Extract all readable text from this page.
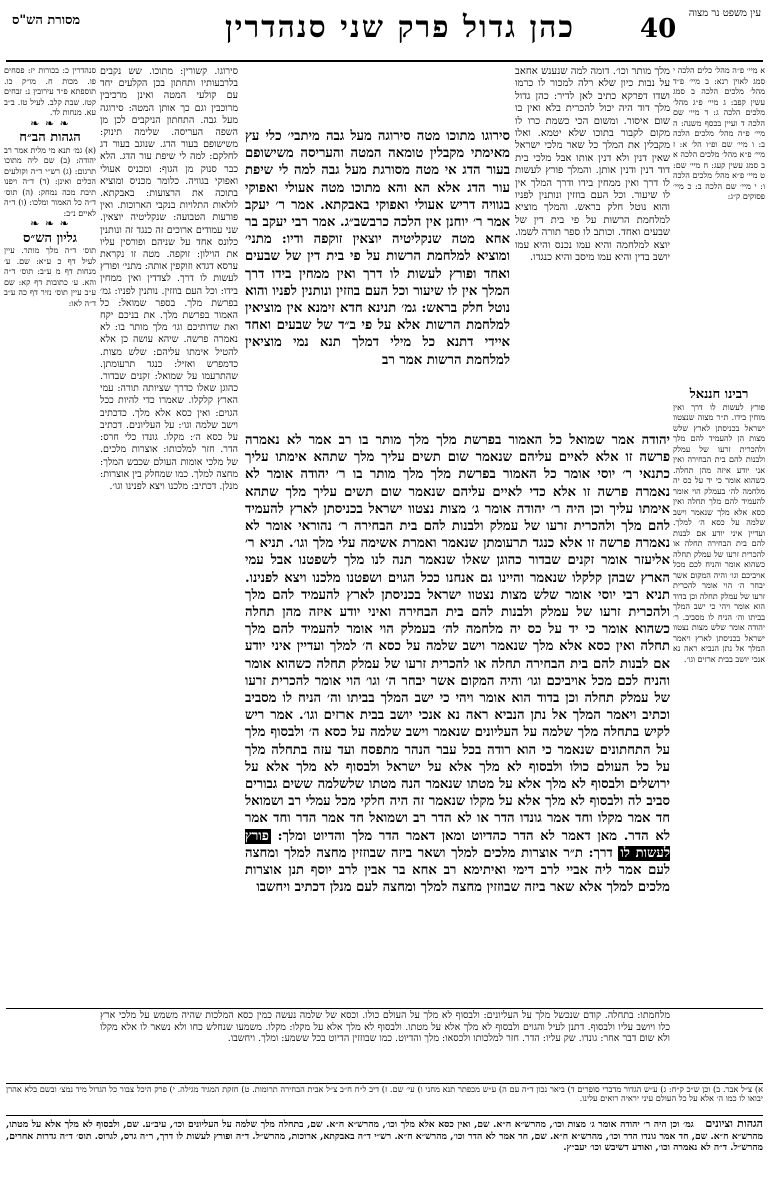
מסורת הש"ס	כהן גדול פרק שני סנהדרין	40
עין משפט נר מצוה
א מיי׳ פ״ה מהל׳ כלים הלכה י סמג לאוין רנא: ב מיי׳ פ״ד מהל׳ מלכים הלכה ב סמג עשין קפב: ג מיי׳ פ״ג מהל׳ מלכים הלכה ג: ד מיי׳ שם הלכה ד ועיין בכסף משנה: ה מיי׳ פ״ה מהל׳ מלכים הלכה ב: ו מיי׳ שם ופ״ו הל׳ א: ז מיי׳ פ״א מהל׳ מלכים הלכה א ב סמג עשין קעג: ח מיי׳ שם: ט מיי׳ פ״א מהל׳ מלכים הלכה ו: י מיי׳ שם הלכה ב: כ מיי׳ פסוקים ק״ג:
רבינו חננאל
פורץ לעשות לו דרך ואין מוחין בידו. ת״ר מצוה שנצטוו ישראל בכניסתן לארץ שלש מצות הן להעמיד להם מלך ולהכרית זרעו של עמלק ולבנות להם בית הבחירה ואין אני יודע איזה מהן תחלה. כשהוא אומר כי יד על כס יה מלחמה לה׳ בעמלק הוי אומר להעמיד להם מלך תחלה ואין כסא אלא מלך שנאמר וישב שלמה על כסא ה׳ למלך. ועדיין איני יודע אם לבנות להם בית הבחירה תחלה או להכרית זרעו של עמלק תחלה כשהוא אומר והניח לכם מכל אויביכם וגו׳ והיה המקום אשר יבחר ה׳ הוי אומר להכרית זרעו של עמלק תחלה וכן בדוד הוא אומר ויהי כי ישב המלך בביתו וה׳ הניח לו מסביב. ר׳ יהודה אומר שלש מצות נצטוו ישראל בכניסתן לארץ ויאמר המלך אל נתן הנביא ראה נא אנכי יושב בבית ארזים וגו׳.
מלך מותר וכו׳. דומה למה שנענש אחאב על נבות כיון שלא רלה למכור לו כרמו ושדו דפרקא כתיב לאן לדיר: כהן גדול מלך דוד היה יכול להכרית בלא ואין בו שום איסור. ומשום הכי כשמת כרו לו מקום לקבור בתוכו שלא יטמא. ואלו מקבלין את המלך כל שאר מלכי ישראל שאין דנין ולא דנין אותו אבל מלכי בית דוד דנין ודנין אותן. והמלך פורץ לעשות לו דרך ואין ממחין בידו ודרך המלך אין לו שיעור. וכל העם בוזזין ונותנין לפניו והוא נוטל חלק בראש. והמלך מוציא למלחמת הרשות על פי בית דין של שבעים ואחד. וכותב לו ספר תורה לשמו. יוצא למלחמה והיא עמו נכנס והיא עמו יושב בדין והיא עמו מיסב והיא כנגדו.
סירוגו מתוכו מטה סירוגה מעל גבה מיתבי׳ כלי עץ מאימתי מקבלין טומאה המטה והעריסה משישופם בעור הדג אי מטה מסורגת מעל גבה למה לי שיפת עור הדג אלא הא והא מתוכו מטה אעולי ואפוקי בגוויה דריש אעולי ואפוקי באבקתא. אמר ר׳ יעקב אמר ר׳ יוחנן אין הלכה כרבשב״ג. אמר רבי יעקב בר אחא מטה שנקליטיה יוצאין זוקפה ודיו: מתני׳ ומוציא למלחמת הרשות על פי בית דין של שבעים ואחד ופורץ לעשות לו דרך ואין ממחין בידו דרך המלך אין לו שיעור וכל העם בוזזין ונותנין לפניו והוא נוטל חלק בראש: גמ׳ תנינא חדא זימנא אין מוציאין למלחמת הרשות אלא על פי ב״ד של שבעים ואחד איידי דתנא כל מילי דמלך תנא נמי מוציאין למלחמת הרשות אמר רב
יהודה אמר שמואל כל האמור בפרשת מלך מלך מותר בו רב אמר לא נאמרה פרשה זו אלא לאיים עליהם שנאמר שום תשים עליך מלך שתהא אימתו עליך כתנאי ר׳ יוסי אומר כל האמור בפרשת מלך מלך מותר בו ר׳ יהודה אומר לא נאמרה פרשה זו אלא כדי לאיים עליהם שנאמר שום תשים עליך מלך שתהא אימתו עליך וכן היה ר׳ יהודה אומר ג׳ מצות נצטוו ישראל בכניסתן לארץ להעמיד להם מלך ולהכרית זרעו של עמלק ולבנות להם בית הבחירה ר׳ נהוראי אומר לא נאמרה פרשה זו אלא כנגד תרעומתן שנאמר ואמרת אשימה עלי מלך וגו׳. תניא ר׳ אליעזר אומר זקנים שבדור כהוגן שאלו שנאמר תנה לנו מלך לשפטנו אבל עמי הארץ שבהן קלקלו שנאמר והיינו גם אנחנו ככל הגוים ושפטנו מלכנו ויצא לפנינו. תניא רבי יוסי אומר שלש מצות נצטוו ישראל בכניסתן לארץ להעמיד להם מלך ולהכרית זרעו של עמלק ולבנות להם בית הבחירה ואיני יודע איזה מהן תחלה כשהוא אומר כי יד על כס יה מלחמה לה׳ בעמלק הוי אומר להעמיד להם מלך תחלה ואין כסא אלא מלך שנאמר וישב שלמה על כסא ה׳ למלך ועדיין איני יודע אם לבנות להם בית הבחירה תחלה או להכרית זרעו של עמלק תחלה כשהוא אומר והניח לכם מכל אויביכם וגו׳ והיה המקום אשר יבחר ה׳ וגו׳ הוי אומר להכרית זרעו של עמלק תחלה וכן בדוד הוא אומר ויהי כי ישב המלך בביתו וה׳ הניח לו מסביב וכתיב ויאמר המלך אל נתן הנביא ראה נא אנכי יושב בבית ארזים וגו׳. אמר ריש לקיש בתחלה מלך שלמה על העליונים שנאמר וישב שלמה על כסא ה׳ ולבסוף מלך על התחתונים שנאמר כי הוא רודה בכל עבר הנהר מתפסח ועד עזה בתחלה מלך על כל העולם כולו ולבסוף לא מלך אלא על ישראל ולבסוף לא מלך אלא על ירושלים ולבסוף לא מלך אלא על מטתו שנאמר הנה מטתו שלשלמה ששים גבורים סביב לה ולבסוף לא מלך אלא על מקלו שנאמר זה היה חלקי מכל עמלי רב ושמואל חד אמר מקלו וחד אמר גונדו הדר או לא הדר רב ושמואל חד אמר הדר וחד אמר לא הדר. מאן דאמר לא הדר כהדיוט ומאן דאמר הדר מלך והדיוט ומלך: פורץ לעשות לו דרך: ת״ר אוצרות מלכים למלך ושאר ביזה שבוזזין מחצה למלך ומחצה לעם אמר ליה אביי לרב דימי ואיתימא רב אחא בר אבין לרב יוסף תנן אוצרות מלכים למלך אלא שאר ביזה שבוזזין מחצה למלך ומחצה לעם מנלן דכתיב ויחשבו
סירוגו. קשורין: מתוכו. שש נקבים בלרבעותיו ותחתון בכן הקלעים יחד עם קולעי המטה ואינן מרכיבין מרוכבין וגם כך אותן המטה: סירוגה מעל גבה. התחתון הניקבים לכן מן השפה העריסה. שלימה תינוק: משישופם בעור הדג. שנוגב בעור דג לחלקם: למה לי שיפת עור הדג. הלא כבר סנוק מן הגוף: ומכניס אעולי ואפוקי בגוויה. כלומר מכניס ומוציא בתוכה את הרצועות: באבקתא. לולאות התלויות בנקבי הארוכות. ואין פורעות הטבועה: שנקליטיה יוצאין. שני עמודים ארוכים זה כנגד זה ונותנין כלונס אחד על שניהם ופורסין עליו את הוילון: זוקפה. מטה זו נקראת ערסא דגדא וזוקפין אותה: מתני׳ ופורץ לעשות לו דרך. לצדדין ואין ממחין בידו: וכל העם בוזזין. נותנין לפניו: גמ׳ בפרשת מלך. בספר שמואל: כל האמור בפרשת מלך. את בניכם יקח ואת שדותיכם וגו׳ מלך מותר בו: לא נאמרה פרשה. שיהא עושה כן אלא להטיל אימתו עליהם: שלש מצות. כדמפרש ואזיל: כנגד תרעומתן. שהתרעמו על שמואל: זקנים שבדור. כהוגן שאלו כדרך שציותה תורה: עמי הארץ קלקלו. שאמרו כדי להיות ככל הגוים: ואין כסא אלא מלך. כדכתיב וישב שלמה וגו׳: על העליונים. דכתיב על כסא ה׳: מקלו. גונדו כלי חרס: הדר. חזר למלכותו: אוצרות מלכים. של מלכי אומות העולם שכבש המלך: מחצה למלך. כמו שמחלק בין אוצרות: מנלן. דכתיב: מלכנו ויצא לפנינו וגו׳.
סנהדרין כ: בכורות יז: פסחים פו. מכות ח. מו״ק כו. תוספתא פ״ד עירובין נ: זבחים קטז. שבת קלב. לעיל טז. ב״ב עא. מנחות לד.
❧ ❧ ❧
הגהות הב״ח
(א) גמ׳ תנא מי מלית אמר רב יהודה: (ב) שם ליה מתוכו תרגום: (ג) רש״י ד״ה וקולעים הכלים ואינן: (ד) ד״ה ויפנו תיבת מכה נמחק: (ה) תוס׳ ד״ה כל האמור ומלכו: (ו) ד״ה לאיים נ״ב:
❧ ❧ ❧
גליון הש״ס
תוס׳ ד״ה מלך מותר. עיין לעיל דף כ ע״א: שם. ע׳ מנחות דף מ ע״ב: תוס׳ ד״ה והא. ע׳ כתובות דף קא: שם ע״ב עיין תוס׳ נזיר דף כה ע״ב ד״ה לאו:
מלחמתו: בתחלה. קודם שנכשל מלך על העליונים: ולבסוף לא מלך על העולם כולו. וכסא של שלמה נעשה כמין כסא המלכות שהיה משמש על מלכי ארץ כלו ויושב עליו ולבסוף. דתנן לעיל והגוים ולבסוף לא מלך אלא על מטתו. ולבסוף לא מלך אלא על מקלו: מקלו. משמעו שנחלש כחו ולא נשאר לו אלא מקלו ולא שום דבר אחר: גונדו. שק עליו: הדר. חזר למלכותו ולכסאו: מלך והדיוט. כמו שבוזזין הדיוט בכל ששמע: ומלך. ויחשבו.
א) צ״ל אבר. ב) וכן ש״כ ק״ח: ג) ע״ש הגדור מדברי סופרים ד) ביאר נכון ד״ה עם ה) ע״ש מכפתר תנא מחני ו) עי׳ שם. ז) דיב ל״ח ח״ב צ״ל אבית הבחירה תרומות. ט) חזקת המגיד מגילה. י) פרק היכל צבור כל הגדול מיד נמצ׳ ובשם בלא אהרן יבואו לו כמו ה׳ אלא על כל העולם עיני יראיה רואים עלינו.
הגהות וציונים גמ׳ וכן היה ר׳ יהודה אומר ג׳ מצות וכו׳, מהרש״א ח״א. שם, ואין כסא אלא מלך וכו׳, מהרש״א ח״א. שם, בתחלה מלך שלמה על העליונים וכו׳, עיב״ע. שם, ולבסוף לא מלך אלא על מטתו, מהרש״א ח״א. שם, חד אמר גונדו הדר וכו׳, מהרש״א ח״א. שם, חד אמר לא הדר וכו׳, מהרש״א ח״א. רש״י ד״ה באבקתא, ארוכות, מהרש״ל. ד״ה ופורץ לעשות לו דרך, ר״ה גרס, לגרוס. תוס׳ ד״ה גדרות אחרים, מהרש״ל. ד״ה לא נאמרה וכו׳, ואודע דשיבש וכו׳ יעב״ץ.
